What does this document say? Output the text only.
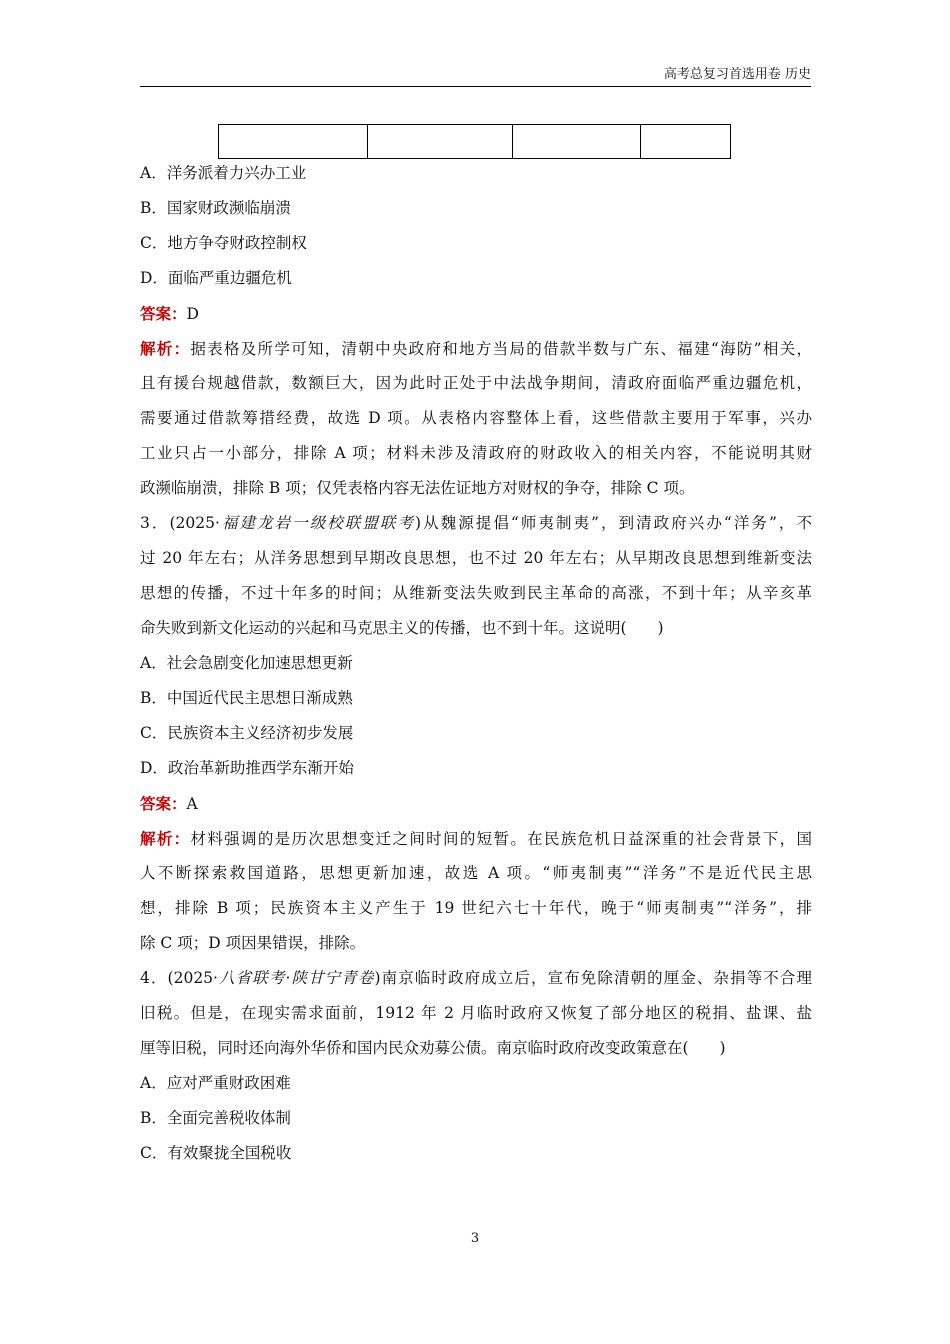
高考总复习首选用卷 历史

A．洋务派着力兴办工业
B．国家财政濒临崩溃
C．地方争夺财政控制权
D．面临严重边疆危机
答案：D
解析：据表格及所学可知，清朝中央政府和地方当局的借款半数与广东、福建“海防”相关，
且有援台规越借款，数额巨大，因为此时正处于中法战争期间，清政府面临严重边疆危机，
需要通过借款筹措经费，故选 D 项。从表格内容整体上看，这些借款主要用于军事，兴办
工业只占一小部分，排除 A 项；材料未涉及清政府的财政收入的相关内容，不能说明其财
政濒临崩溃，排除 B 项；仅凭表格内容无法佐证地方对财权的争夺，排除 C 项。
3．(2025·福建龙岩一级校联盟联考)从魏源提倡“师夷制夷”，到清政府兴办“洋务”，不
过 20 年左右；从洋务思想到早期改良思想，也不过 20 年左右；从早期改良思想到维新变法
思想的传播，不过十年多的时间；从维新变法失败到民主革命的高涨，不到十年；从辛亥革
命失败到新文化运动的兴起和马克思主义的传播，也不到十年。这说明(　　)
A．社会急剧变化加速思想更新
B．中国近代民主思想日渐成熟
C．民族资本主义经济初步发展
D．政治革新助推西学东渐开始
答案：A
解析：材料强调的是历次思想变迁之间时间的短暂。在民族危机日益深重的社会背景下，国
人不断探索救国道路，思想更新加速，故选 A 项。“师夷制夷”“洋务”不是近代民主思
想，排除 B 项；民族资本主义产生于 19 世纪六七十年代，晚于“师夷制夷”“洋务”，排
除 C 项；D 项因果错误，排除。
4．(2025·八省联考·陕甘宁青卷)南京临时政府成立后，宣布免除清朝的厘金、杂捐等不合理
旧税。但是，在现实需求面前，1912 年 2 月临时政府又恢复了部分地区的税捐、盐课、盐
厘等旧税，同时还向海外华侨和国内民众劝募公债。南京临时政府改变政策意在(　　)
A．应对严重财政困难
B．全面完善税收体制
C．有效聚拢全国税收
3
